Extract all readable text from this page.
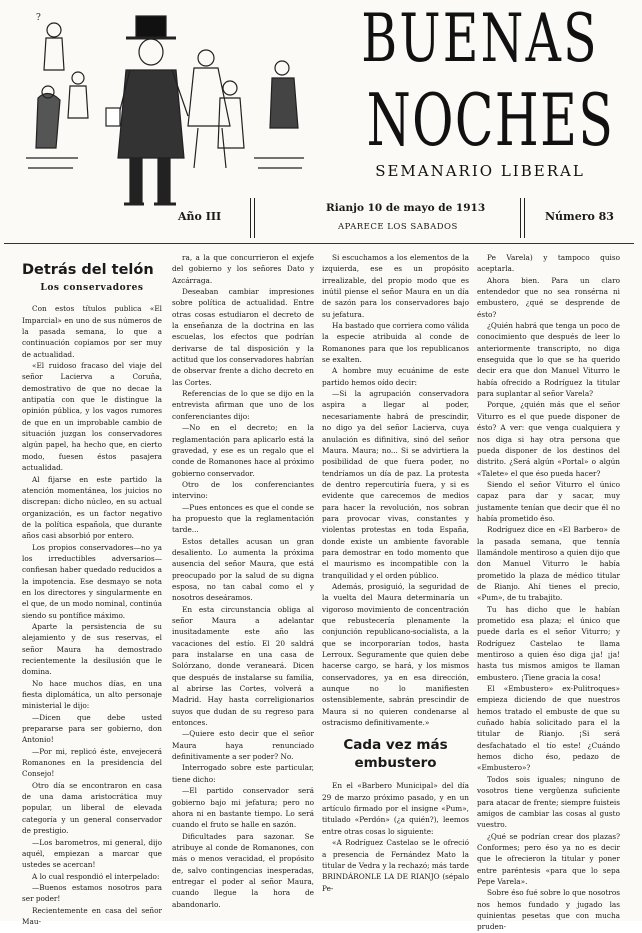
?	BUENAS
NOCHES
SEMANARIO LIBERAL
Año III
Rianjo 10 de mayo de 1913
APARECE LOS SABADOS
Número 83
Detrás del telón
Los conservadores

Con estos títulos publica «El Imparcial» en uno de sus números de la pasada semana, lo que a continuación copiamos por ser muy de actualidad.

«El ruidoso fracaso del viaje del señor Lacierva a Coruña, demostrativo de que no decae la antipatía con que le distingue la opinión pública, y los vagos rumores de que en un improbable cambio de situación juzgan los conservadores algún papel, ha hecho que, en cierto modo, fuesen éstos pasajera actualidad.

Al fijarse en este partido la atención momentánea, los juicios no discrepan: dicho núcleo, en su actual organización, es un factor negativo de la política española, que durante años casi absorbió por entero.

Los propios conservadores—no ya los irreductibles adversarios—confiesan haber quedado reducidos a la impotencia. Ese desmayo se nota en los directores y singularmente en el que, de un modo nominal, continúa siendo su pontífice máximo.

Aparte la persistencia de su alejamiento y de sus reservas, el señor Maura ha demostrado recientemente la desilusión que le domina.

No hace muchos días, en una fiesta diplomática, un alto personaje ministerial le dijo:

—Dicen que debe usted prepararse para ser gobierno, don Antonio!

—Por mi, replicó éste, envejecerá Romanones en la presidencia del Consejo!

Otro día se encontraron en casa de una dama aristocrática muy popular, un liberal de elevada categoría y un general conservador de prestigio.

—Los barometros, mi general, dijo aquél, empiezan a marcar que ustedes se acercan!

A lo cual respondió el interpelado:

—Buenos estamos nosotros para ser poder!

Recientemente en casa del señor Mau-

ra, a la que concurrieron el exjefe del gobierno y los señores Dato y Azcárraga.

Deseaban cambiar impresiones sobre política de actualidad. Entre otras cosas estudiaron el decreto de la enseñanza de la doctrina en las escuelas, los efectos que podrían derivarse de tal disposición y la actitud que los conservadores habrían de observar frente a dicho decreto en las Cortes.

Referencias de lo que se dijo en la entrevista afirman que uno de los conferenciantes dijo:

—No en el decreto; en la reglamentación para aplicarlo está la gravedad, y ese es un regalo que el conde de Romanones hace al próximo gobierno conservador.

Otro de los conferenciantes intervino:

—Pues entonces es que el conde se ha propuesto que la reglamentación tarde...

Estos detalles acusan un gran desaliento. Lo aumenta la próxima ausencia del señor Maura, que está preocupado por la salud de su digna esposa, no tan cabal como el y nosotros deseáramos.

En esta circunstancia obliga al señor Maura a adelantar inusitadamente este año las vacaciones del estío. El 20 saldrá para instalarse en una casa de Solórzano, donde veraneará. Dicen que después de instalarse su familia, al abrirse las Cortes, volverá a Madrid. Hay hasta correligionarios suyos que dudan de su regreso para entonces.

—Quiere esto decir que el señor Maura haya renunciado definitivamente a ser poder? No.

Interrogado sobre este particular, tiene dicho:

—El partido conservador será gobierno bajo mi jefatura; pero no ahora ni en bastante tiempo. Lo será cuando el fruto se halle en sazón.

Dificultades para sazonar. Se atribuye al conde de Romanones, con más o menos veracidad, el propósito de, salvo contingencias inesperadas, entregar el poder al señor Maura, cuando llegue la hora de abandonarlo.

Si escuchamos a los elementos de la izquierda, ese es un propósito irrealizable, del propio modo que es inútil piense el señor Maura en un día de sazón para los conservadores bajo su jefatura.

Ha bastado que corriera como válida la especie atribuida al conde de Romanones para que los republicanos se exalten.

A hombre muy ecuánime de este partido hemos oído decir:

—Si la agrupación conservadora aspira a llegar al poder, necesariamente habrá de prescindir, no digo ya del señor Lacierva, cuya anulación es difinitiva, sinó del señor Maura. Maura; no... Si se advirtiera la posibilidad de que fuera poder, no tendríamos un día de paz. La protesta de dentro repercutiría fuera, y si es evidente que carecemos de medios para hacer la revolución, nos sobran para provocar vivas, constantes y violentas protestas en toda España, donde existe un ambiente favorable para demostrar en todo momento que el maurismo es incompatible con la tranquilidad y el orden público.

Además, prosiguió, la seguridad de la vuelta del Maura determinaría un vigoroso movimiento de concentración que rebustecería plenamente la conjunción republicano-socialista, a la que se incorporarían todos, hasta Lerroux. Seguramente que quien debe hacerse cargo, se hará, y los mismos conservadores, ya en esa dirección, aunque no lo manifiesten ostensiblemente, sabrán prescindir de Maura si no quieren condenarse al ostracismo definitivamente.»

Cada vez más
embustero

En el «Barbero Municipal» del día 29 de marzo próximo pasado, y en un artículo firmado por el insigne «Pum», titulado «Perdón» (¿a quién?), leemos entre otras cosas lo siguiente:

«A Rodríguez Castelao se le ofreció a presencia de Fernández Mato la titular de Vedra y la rechazó; más tarde BRINDÁRONLE LA DE RIANJO (sépalo Pe-

Pe Varela) y tampoco quiso aceptarla.

Ahora bien. Para un claro entendedor que no sea ronsérna ni embustero, ¿qué se desprende de ésto?

¿Quién habrá que tenga un poco de conocimiento que después de leer lo anteriormente transcripto, no diga enseguida que lo que se ha querido decir era que don Manuel Viturro le había ofrecido a Rodríguez la titular para suplantar al señor Varela?

Porque, ¿quién más que el señor Viturro es el que puede disponer de ésto? A ver: que venga cualquiera y nos diga si hay otra persona que pueda disponer de los destinos del distrito. ¿Será algún «Portal» o algún «Talete» el que éso pueda hacer?

Siendo el señor Viturro el único capaz para dar y sacar, muy justamente tenían que decir que él no había prometido éso.

Rodríguez dice en «El Barbero» de la pasada semana, que tennía llamándole mentiroso a quien dijo que don Manuel Viturro le había prometido la plaza de médico titular de Rianjo. Ahí tienes el precio, «Pum», de tu trabajito.

Tu has dicho que le habían prometido esa plaza; el único que puede darla es el señor Viturro; y Rodríguez Castelao te llama mentiroso a quien éso diga ¡ja! ¡ja! hasta tus mismos amigos te llaman embustero. ¡Tiene gracia la cosa!

El «Embustero» ex-Pulitroques» empieza diciendo de que nuestros hemos tratado el embuste de que su cuñado había solicitado para el la titular de Rianjo. ¡Si será desfachatado el tío este! ¿Cuándo hemos dicho éso, pedazo de «Embustero»?

Todos sois iguales; ninguno de vosotros tiene vergüenza suficiente para atacar de frente; siempre fuisteis amigos de cambiar las cosas al gusto vuestro.

¿Qué se podrían crear dos plazas? Conformes; pero éso ya no es decir que le ofrecieron la titular y poner entre paréntesis «para que lo sepa Pepe Varela».

Sobre éso fué sobre lo que nosotros nos hemos fundado y jugado las quinientas pesetas que con mucha pruden-
